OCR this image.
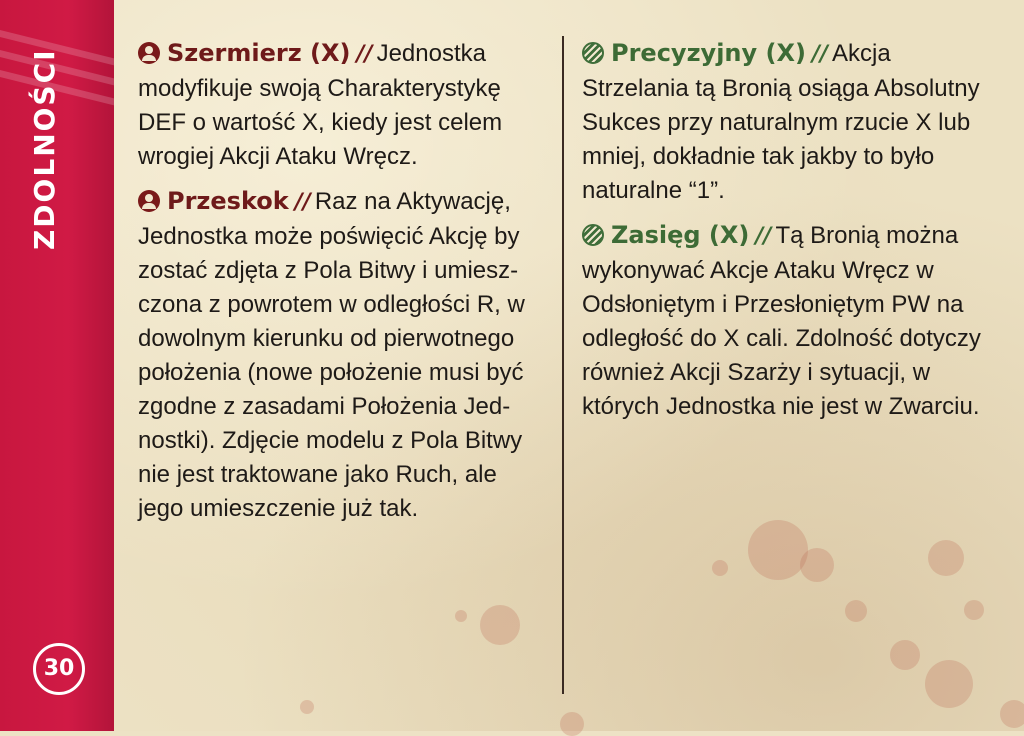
ZDOLNOŚCI
30

Szermierz (X) // Jednostka modyfikuje swoją Charakterystykę DEF o wartość X, kiedy jest celem wrogiej Akcji Ataku Wręcz.

Przeskok // Raz na Aktywację, Jednostka może poświęcić Akcję by zostać zdjęta z Pola Bitwy i umiesz-czona z powrotem w odległości R, w dowolnym kierunku od pierwotnego położenia (nowe położenie musi być zgodne z zasadami Położenia Jed-nostki). Zdjęcie modelu z Pola Bitwy nie jest traktowane jako Ruch, ale jego umieszczenie już tak.

Precyzyjny (X) // Akcja Strzelania tą Bronią osiąga Absolutny Sukces przy naturalnym rzucie X lub mniej, dokładnie tak jakby to było naturalne “1”.

Zasięg (X) // Tą Bronią można wykonywać Akcje Ataku Wręcz w Odsłoniętym i Przesłoniętym PW na odległość do X cali. Zdolność dotyczy również Akcji Szarży i sytuacji, w których Jednostka nie jest w Zwarciu.
